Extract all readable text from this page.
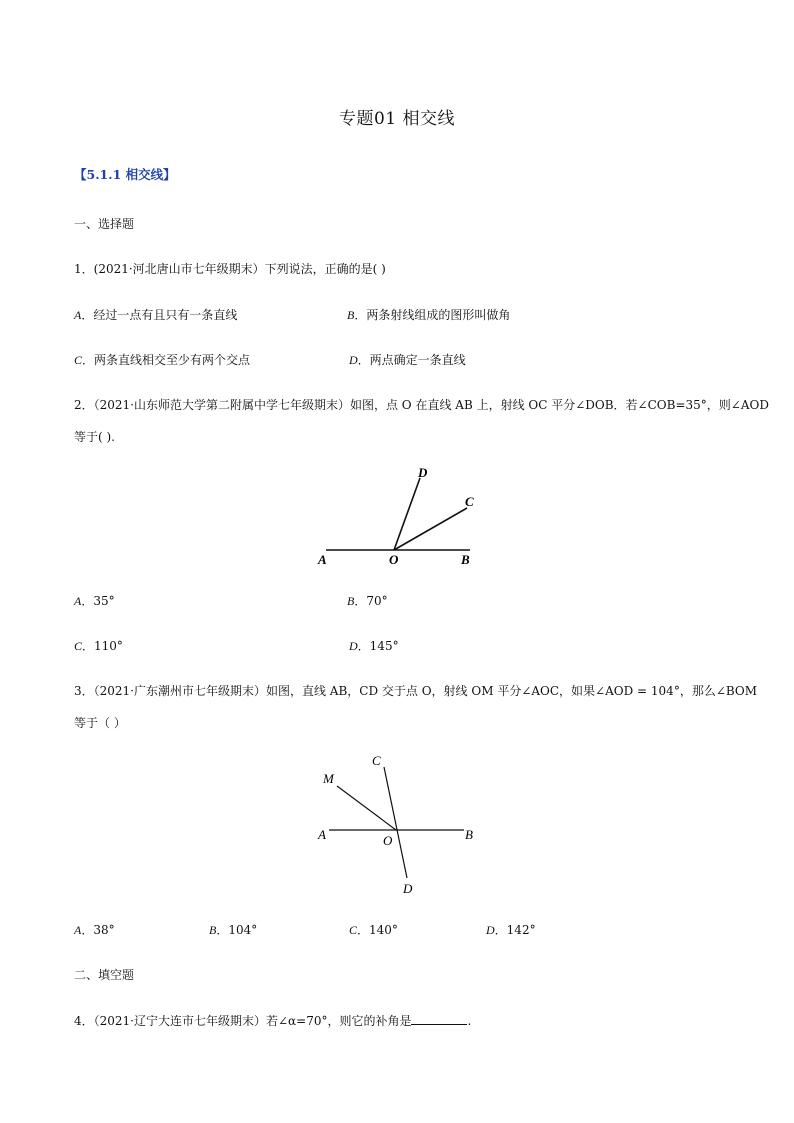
专题01 相交线
【5.1.1 相交线】
一、选择题
1．(2021·河北唐山市七年级期末）下列说法，正确的是( )
A．经过一点有且只有一条直线	B．两条射线组成的图形叫做角
C．两条直线相交至少有两个交点	D．两点确定一条直线
2．（2021·山东师范大学第二附属中学七年级期末）如图，点 O 在直线 AB 上，射线 OC 平分∠DOB．若∠COB=35°，则∠AOD
等于( ).
D
C
A	O	B
A．35°	B．70°
C．110°	D．145°
3．（2021·广东潮州市七年级期末）如图，直线 AB，CD 交于点 O，射线 OM 平分∠AOC，如果∠AOD = 104°，那么∠BOM
等于（ ）
C
M
A	O	B
D
A．38°	B．104°	C．140°	D．142°
二、填空题
4．（2021·辽宁大连市七年级期末）若∠α=70°，则它的补角是	.
